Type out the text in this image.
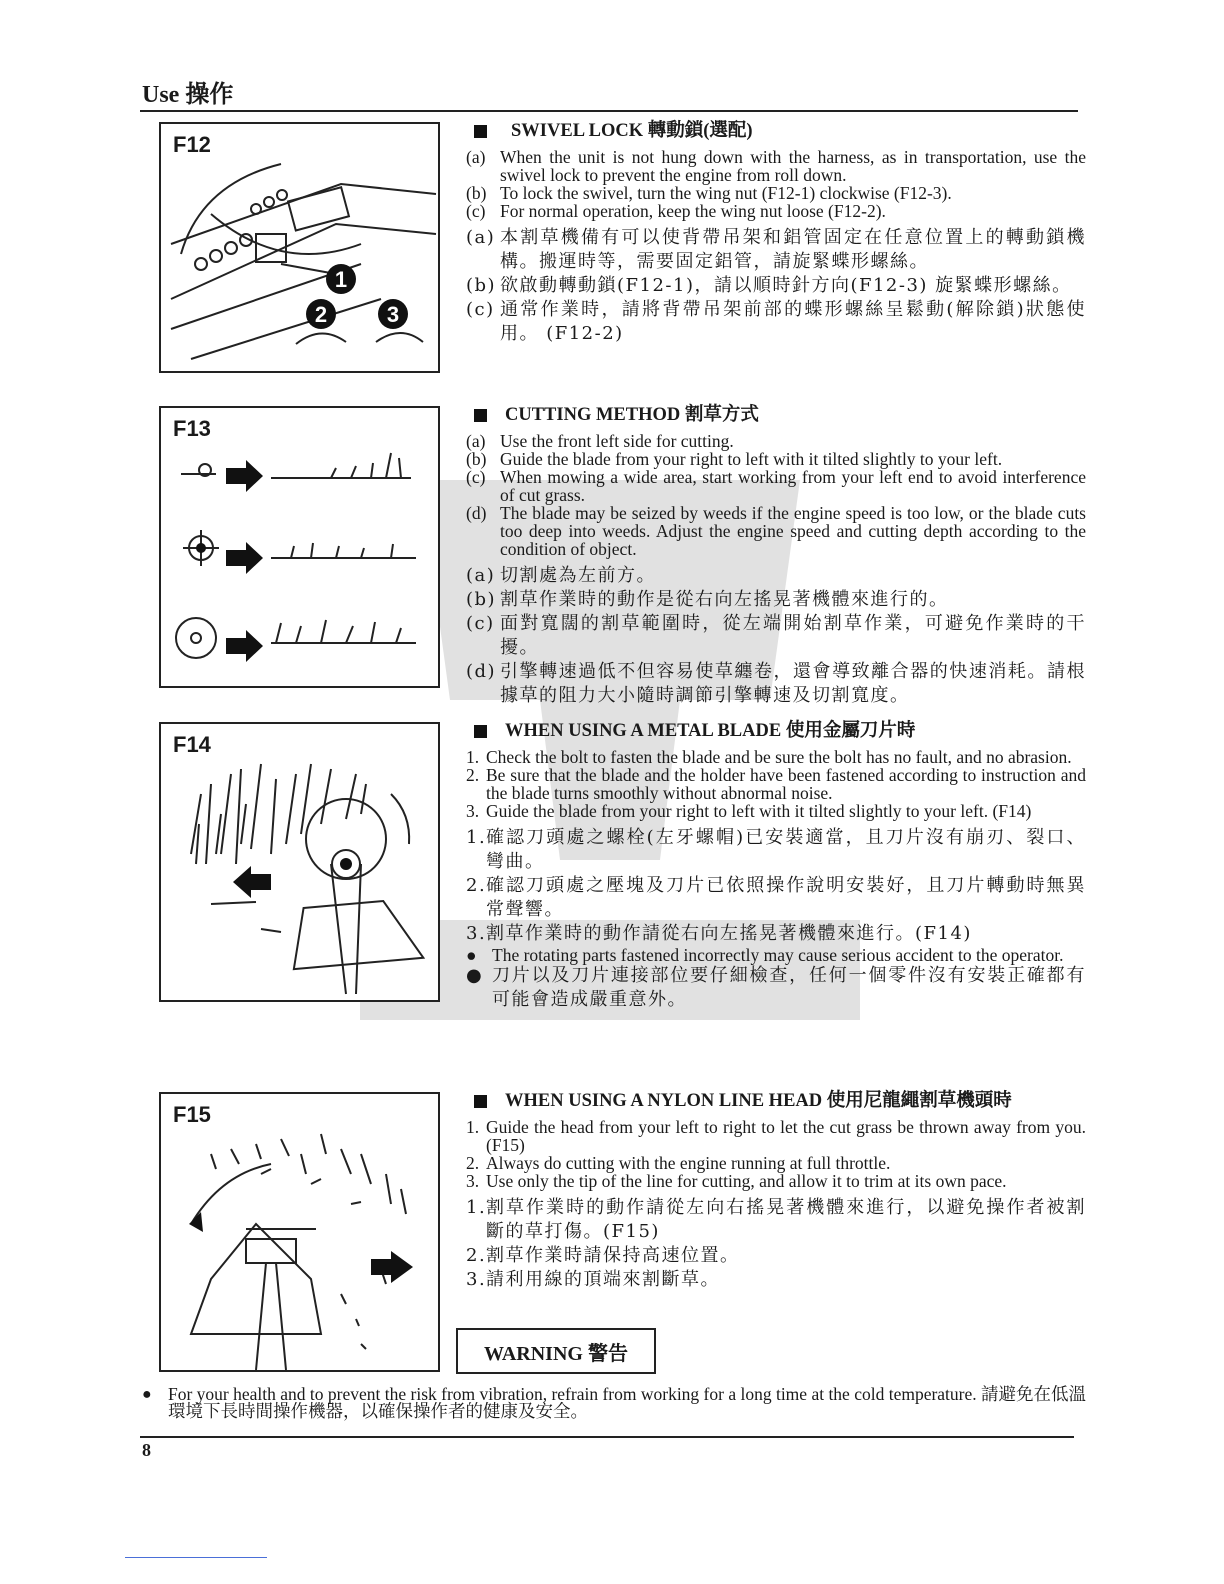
Use 操作
F12
1
2	3
SWIVEL LOCK 轉動鎖(選配)
(a) When the unit is not hung down with the harness, as in transportation, use the swivel lock to prevent the engine from roll down.
(b) To lock the swivel, turn the wing nut (F12-1) clockwise (F12-3).
(c) For normal operation, keep the wing nut loose (F12-2).
(a) 本割草機備有可以使背帶吊架和鋁管固定在任意位置上的轉動鎖機構。搬運時等，需要固定鋁管，請旋緊蝶形螺絲。
(b) 欲啟動轉動鎖(F12-1)，請以順時針方向(F12-3) 旋緊蝶形螺絲。
(c) 通常作業時，請將背帶吊架前部的蝶形螺絲呈鬆動(解除鎖)狀態使用。 (F12-2)
F13
CUTTING METHOD 割草方式
(a) Use the front left side for cutting.
(b) Guide the blade from your right to left with it tilted slightly to your left.
(c) When mowing a wide area, start working from your left end to avoid interference of cut grass.
(d) The blade may be seized by weeds if the engine speed is too low, or the blade cuts too deep into weeds. Adjust the engine speed and cutting depth according to the condition of object.
(a) 切割處為左前方。
(b) 割草作業時的動作是從右向左搖晃著機體來進行的。
(c) 面對寬闊的割草範圍時，從左端開始割草作業，可避免作業時的干擾。
(d) 引擎轉速過低不但容易使草纏卷，還會導致離合器的快速消耗。請根據草的阻力大小隨時調節引擎轉速及切割寬度。
F14
WHEN USING A METAL BLADE 使用金屬刀片時
1. Check the bolt to fasten the blade and be sure the bolt has no fault, and no abrasion.
2. Be sure that the blade and the holder have been fastened according to instruction and the blade turns smoothly without abnormal noise.
3. Guide the blade from your right to left with it tilted slightly to your left. (F14)
1. 確認刀頭處之螺栓(左牙螺帽)已安裝適當，且刀片沒有崩刃、裂口、彎曲。
2. 確認刀頭處之壓塊及刀片已依照操作說明安裝好，且刀片轉動時無異常聲響。
3. 割草作業時的動作請從右向左搖晃著機體來進行。(F14)
● The rotating parts fastened incorrectly may cause serious accident to the operator.
● 刀片以及刀片連接部位要仔細檢查，任何一個零件沒有安裝正確都有可能會造成嚴重意外。
F15
WHEN USING A NYLON LINE HEAD 使用尼龍繩割草機頭時
1. Guide the head from your left to right to let the cut grass be thrown away from you. (F15)
2. Always do cutting with the engine running at full throttle.
3. Use only the tip of the line for cutting, and allow it to trim at its own pace.
1. 割草作業時的動作請從左向右搖晃著機體來進行，以避免操作者被割斷的草打傷。(F15)
2. 割草作業時請保持高速位置。
3. 請利用線的頂端來割斷草。
WARNING 警告
● For your health and to prevent the risk from vibration, refrain from working for a long time at the cold temperature. 請避免在低溫環境下長時間操作機器，以確保操作者的健康及安全。
8
